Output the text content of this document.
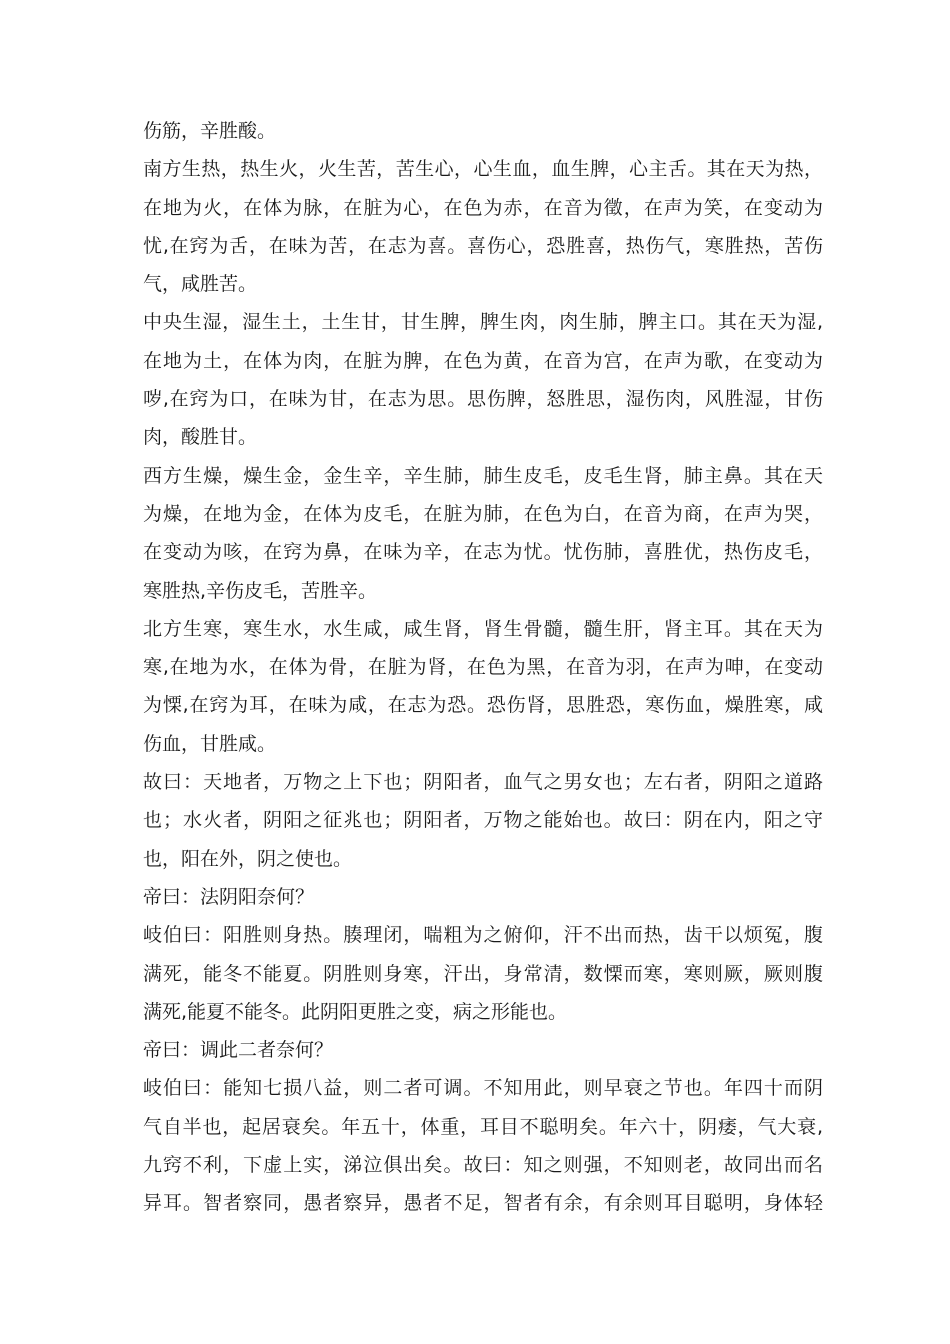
伤筋，辛胜酸。
南方生热，热生火，火生苦，苦生心，心生血，血生脾，心主舌。其在天为热，
在地为火，在体为脉，在脏为心，在色为赤，在音为徵，在声为笑，在变动为
忧,在窍为舌，在味为苦，在志为喜。喜伤心，恐胜喜，热伤气，寒胜热，苦伤
气，咸胜苦。
中央生湿，湿生土，土生甘，甘生脾，脾生肉，肉生肺，脾主口。其在天为湿,
在地为土，在体为肉，在脏为脾，在色为黄，在音为宫，在声为歌，在变动为
哕,在窍为口，在味为甘，在志为思。思伤脾，怒胜思，湿伤肉，风胜湿，甘伤
肉，酸胜甘。
西方生燥，燥生金，金生辛，辛生肺，肺生皮毛，皮毛生肾，肺主鼻。其在天
为燥，在地为金，在体为皮毛，在脏为肺，在色为白，在音为商，在声为哭，
在变动为咳，在窍为鼻，在味为辛，在志为忧。忧伤肺，喜胜优，热伤皮毛，
寒胜热,辛伤皮毛，苦胜辛。
北方生寒，寒生水，水生咸，咸生肾，肾生骨髓，髓生肝，肾主耳。其在天为
寒,在地为水，在体为骨，在脏为肾，在色为黑，在音为羽，在声为呻，在变动
为慄,在窍为耳，在味为咸，在志为恐。恐伤肾，思胜恐，寒伤血，燥胜寒，咸
伤血，甘胜咸。
故曰：天地者，万物之上下也；阴阳者，血气之男女也；左右者，阴阳之道路
也；水火者，阴阳之征兆也；阴阳者，万物之能始也。故曰：阴在内，阳之守
也，阳在外，阴之使也。
帝曰：法阴阳奈何？
岐伯曰：阳胜则身热。腠理闭，喘粗为之俯仰，汗不出而热，齿干以烦冤，腹
满死，能冬不能夏。阴胜则身寒，汗出，身常清，数慄而寒，寒则厥，厥则腹
满死,能夏不能冬。此阴阳更胜之变，病之形能也。
帝曰：调此二者奈何？
岐伯曰：能知七损八益，则二者可调。不知用此，则早衰之节也。年四十而阴
气自半也，起居衰矣。年五十，体重，耳目不聪明矣。年六十，阴痿，气大衰,
九窍不利，下虚上实，涕泣俱出矣。故曰：知之则强，不知则老，故同出而名
异耳。智者察同，愚者察异，愚者不足，智者有余，有余则耳目聪明，身体轻
